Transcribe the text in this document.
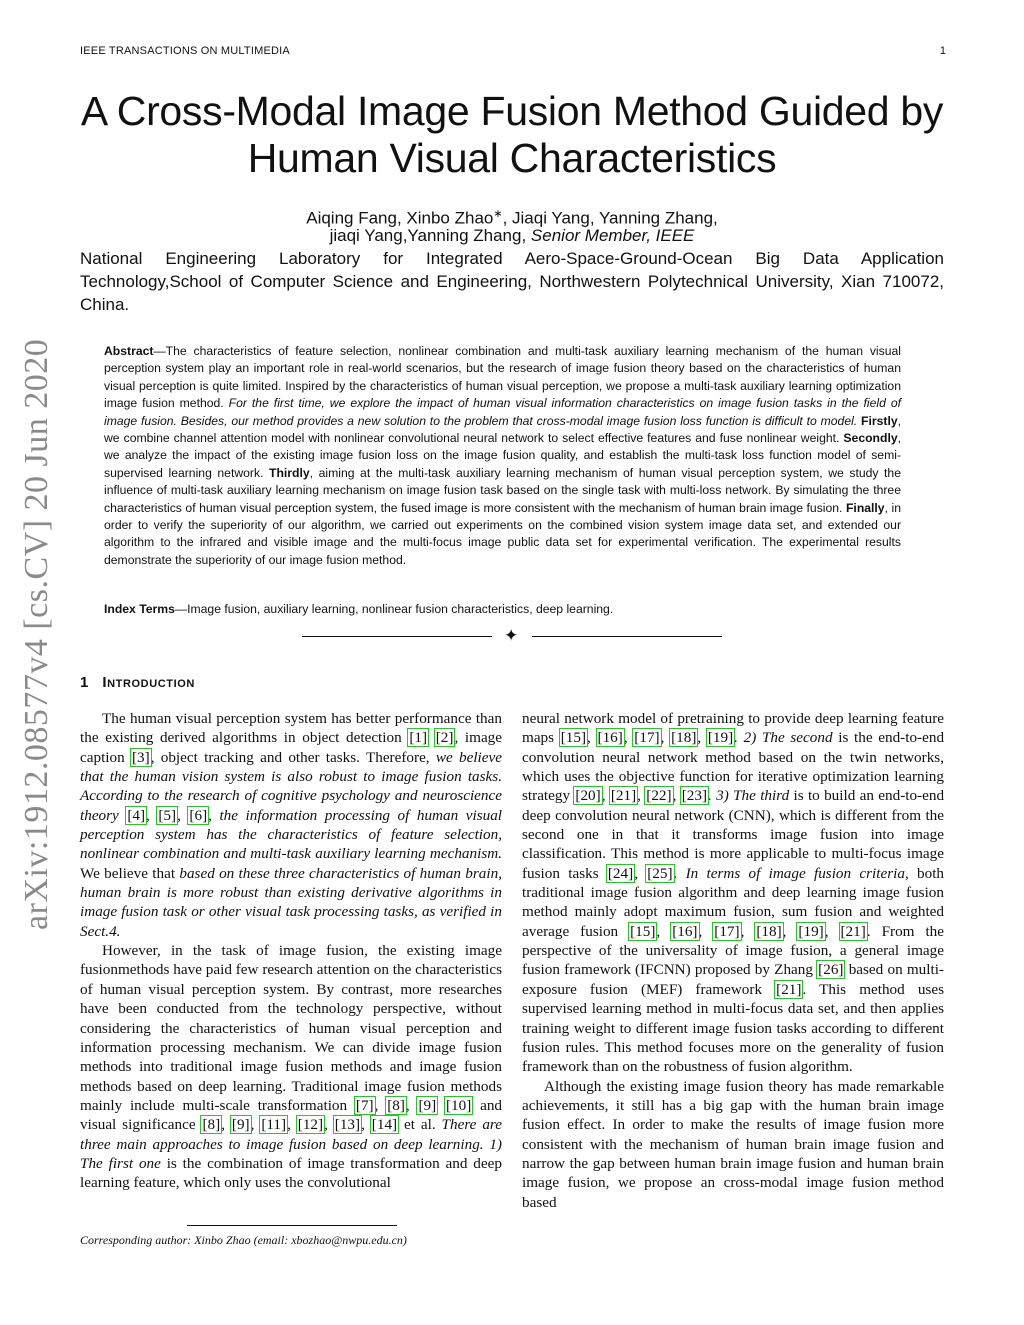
IEEE TRANSACTIONS ON MULTIMEDIA	1
arXiv:1912.08577v4 [cs.CV] 20 Jun 2020
A Cross-Modal Image Fusion Method Guided by
Human Visual Characteristics
Aiqing Fang, Xinbo Zhao∗, Jiaqi Yang, Yanning Zhang,
jiaqi Yang,Yanning Zhang, Senior Member, IEEE
National Engineering Laboratory for Integrated Aero-Space-Ground-Ocean Big Data Application Technology,School of Computer Science and Engineering, Northwestern Polytechnical University, Xian 710072, China.
Abstract—The characteristics of feature selection, nonlinear combination and multi-task auxiliary learning mechanism of the human visual perception system play an important role in real-world scenarios, but the research of image fusion theory based on the characteristics of human visual perception is quite limited. Inspired by the characteristics of human visual perception, we propose a multi-task auxiliary learning optimization image fusion method. For the first time, we explore the impact of human visual information characteristics on image fusion tasks in the field of image fusion. Besides, our method provides a new solution to the problem that cross-modal image fusion loss function is difficult to model. Firstly, we combine channel attention model with nonlinear convolutional neural network to select effective features and fuse nonlinear weight. Secondly, we analyze the impact of the existing image fusion loss on the image fusion quality, and establish the multi-task loss function model of semi-supervised learning network. Thirdly, aiming at the multi-task auxiliary learning mechanism of human visual perception system, we study the influence of multi-task auxiliary learning mechanism on image fusion task based on the single task with multi-loss network. By simulating the three characteristics of human visual perception system, the fused image is more consistent with the mechanism of human brain image fusion. Finally, in order to verify the superiority of our algorithm, we carried out experiments on the combined vision system image data set, and extended our algorithm to the infrared and visible image and the multi-focus image public data set for experimental verification. The experimental results demonstrate the superiority of our image fusion method.
Index Terms—Image fusion, auxiliary learning, nonlinear fusion characteristics, deep learning.
✦
1 Introduction

The human visual perception system has better performance than the existing derived algorithms in object detection [1] [2], image caption [3], object tracking and other tasks. Therefore, we believe that the human vision system is also robust to image fusion tasks. According to the research of cognitive psychology and neuroscience theory [4], [5], [6], the information processing of human visual perception system has the characteristics of feature selection, nonlinear combination and multi-task auxiliary learning mechanism. We believe that based on these three characteristics of human brain, human brain is more robust than existing derivative algorithms in image fusion task or other visual task processing tasks, as verified in Sect.4.

However, in the task of image fusion, the existing image fusionmethods have paid few research attention on the characteristics of human visual perception system. By contrast, more researches have been conducted from the technology perspective, without considering the characteristics of human visual perception and information processing mechanism. We can divide image fusion methods into traditional image fusion methods and image fusion methods based on deep learning. Traditional image fusion methods mainly include multi-scale transformation [7], [8], [9] [10] and visual significance [8], [9], [11], [12], [13], [14] et al. There are three main approaches to image fusion based on deep learning. 1) The first one is the combination of image transformation and deep learning feature, which only uses the convolutional

neural network model of pretraining to provide deep learning feature maps [15], [16], [17], [18], [19]. 2) The second is the end-to-end convolution neural network method based on the twin networks, which uses the objective function for iterative optimization learning strategy [20], [21], [22], [23]. 3) The third is to build an end-to-end deep convolution neural network (CNN), which is different from the second one in that it transforms image fusion into image classification. This method is more applicable to multi-focus image fusion tasks [24], [25]. In terms of image fusion criteria, both traditional image fusion algorithm and deep learning image fusion method mainly adopt maximum fusion, sum fusion and weighted average fusion [15], [16], [17], [18], [19], [21]. From the perspective of the universality of image fusion, a general image fusion framework (IFCNN) proposed by Zhang [26] based on multi-exposure fusion (MEF) framework [21]. This method uses supervised learning method in multi-focus data set, and then applies training weight to different image fusion tasks according to different fusion rules. This method focuses more on the generality of fusion framework than on the robustness of fusion algorithm.

Although the existing image fusion theory has made remarkable achievements, it still has a big gap with the human brain image fusion effect. In order to make the results of image fusion more consistent with the mechanism of human brain image fusion and narrow the gap between human brain image fusion and human brain image fusion, we propose an cross-modal image fusion method based

Corresponding author: Xinbo Zhao (email: xbozhao@nwpu.edu.cn)
